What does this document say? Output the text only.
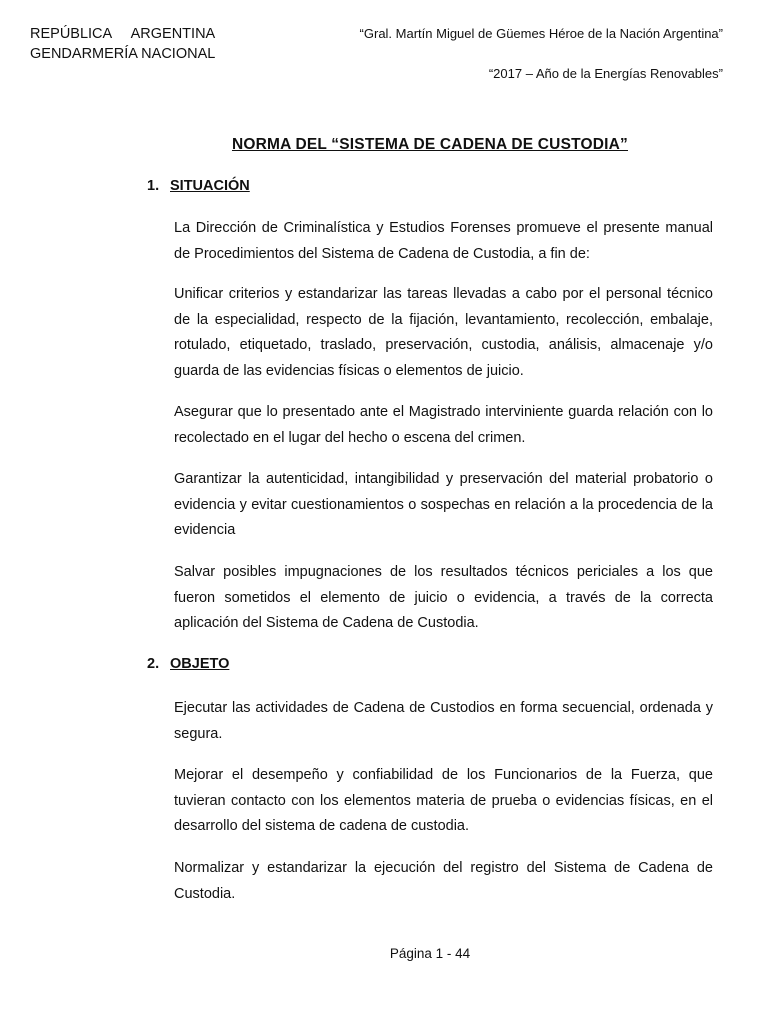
REPÚBLICA ARGENTINA
GENDARMERÍA NACIONAL
“Gral. Martín Miguel de Güemes Héroe de la Nación Argentina”
“2017 – Año de la Energías Renovables”
NORMA DEL “SISTEMA DE CADENA DE CUSTODIA”
1. SITUACIÓN
La Dirección de Criminalística y Estudios Forenses promueve el presente manual de Procedimientos del Sistema de Cadena de Custodia, a fin de:
Unificar criterios y estandarizar las tareas llevadas a cabo por el personal técnico de la especialidad, respecto de la fijación, levantamiento, recolección, embalaje, rotulado, etiquetado, traslado, preservación, custodia, análisis, almacenaje y/o guarda de las evidencias físicas o elementos de juicio.
Asegurar que lo presentado ante el Magistrado interviniente guarda relación con lo recolectado en el lugar del hecho o escena del crimen.
Garantizar la autenticidad, intangibilidad y preservación del material probatorio o evidencia y evitar cuestionamientos o sospechas en relación a la procedencia de la evidencia
Salvar posibles impugnaciones de los resultados técnicos periciales a los que fueron sometidos el elemento de juicio o evidencia, a través de la correcta aplicación del Sistema de Cadena de Custodia.
2. OBJETO
Ejecutar las actividades de Cadena de Custodios en forma secuencial, ordenada y segura.
Mejorar el desempeño y confiabilidad de los Funcionarios de la Fuerza, que tuvieran contacto con los elementos materia de prueba o evidencias físicas, en el desarrollo del sistema de cadena de custodia.
Normalizar y estandarizar la ejecución del registro del Sistema de Cadena de Custodia.
Página 1 - 44
